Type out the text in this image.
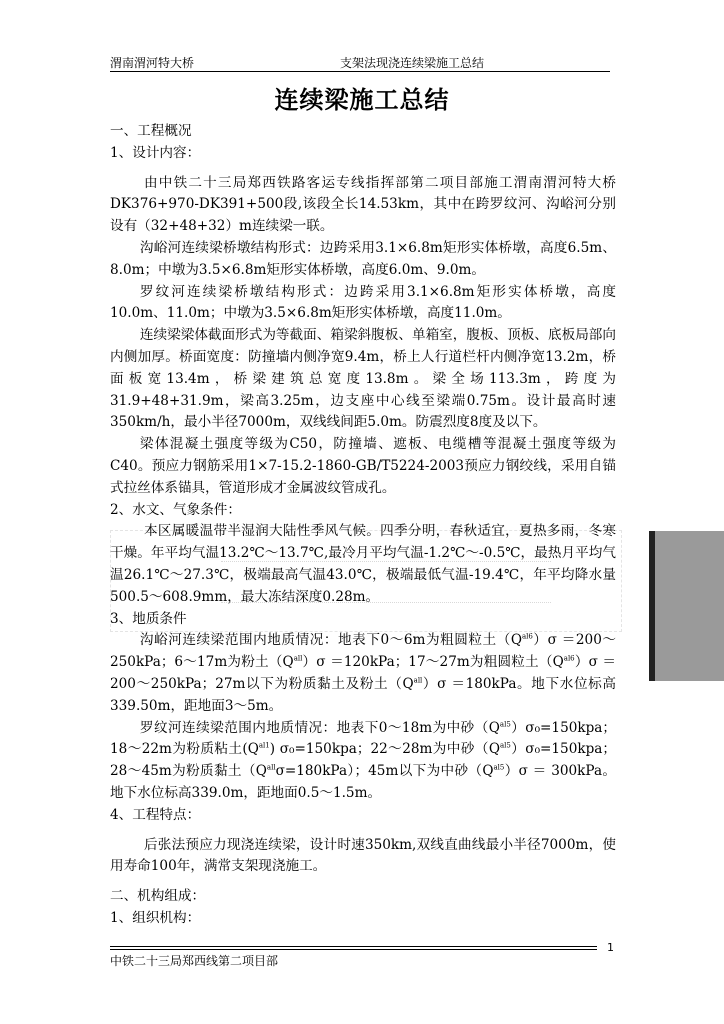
渭南渭河特大桥	支架法现浇连续梁施工总结
连续梁施工总结

一、工程概况

1、设计内容：

由中铁二十三局郑西铁路客运专线指挥部第二项目部施工渭南渭河特大桥DK376+970-DK391+500段,该段全长14.53km，其中在跨罗纹河、沟峪河分别设有（32+48+32）m连续梁一联。

沟峪河连续梁桥墩结构形式：边跨采用3.1×6.8m矩形实体桥墩，高度6.5m、8.0m；中墩为3.5×6.8m矩形实体桥墩，高度6.0m、9.0m。

罗纹河连续梁桥墩结构形式：边跨采用3.1×6.8m矩形实体桥墩，高度10.0m、11.0m；中墩为3.5×6.8m矩形实体桥墩，高度11.0m。

连续梁梁体截面形式为等截面、箱梁斜腹板、单箱室，腹板、顶板、底板局部向内侧加厚。桥面宽度：防撞墙内侧净宽9.4m，桥上人行道栏杆内侧净宽13.2m，桥面板宽13.4m，桥梁建筑总宽度13.8m。梁全场113.3m，跨度为31.9+48+31.9m，梁高3.25m，边支座中心线至梁端0.75m。设计最高时速350km/h，最小半径7000m，双线线间距5.0m。防震烈度8度及以下。

梁体混凝土强度等级为C50，防撞墙、遮板、电缆槽等混凝土强度等级为C40。预应力钢筋采用1×7-15.2-1860-GB/T5224-2003预应力钢绞线，采用自锚式拉丝体系锚具，管道形成才金属波纹管成孔。

2、水文、气象条件：

本区属暖温带半湿润大陆性季风气候。四季分明，春秋适宜，夏热多雨，冬寒干燥。年平均气温13.2℃～13.7℃,最冷月平均气温-1.2℃～-0.5℃，最热月平均气温26.1℃～27.3℃，极端最高气温43.0℃，极端最低气温-19.4℃，年平均降水量500.5～608.9mm，最大冻结深度0.28m。

3、地质条件

沟峪河连续梁范围内地质情况：地表下0～6m为粗圆粒土$(Q^{al6})\sigma$ ＝200～250kPa；6～17m为粉土$(Q^{all})\sigma =120kPa$；17～27m为粗圆粒土$(Q^{al6})\sigma$ ＝200～250kPa；27m以下为粉质黏土及粉土$(Q^{all})\sigma =180kPa$。地下水位标高339.50m，距地面3～5m。

罗纹河连续梁范围内地质情况：地表下0～18m为中砂$(Q^{al5})\sigma_0=150kpa$；18～22m为粉质粘土$(Q^{al1})$ σ₀=150kpa；22～28m为中砂$(Q^{al5})\sigma_0=150kpa$；28～45m为粉质黏土$(Q^{all}\sigma=180kPa)$；45m以下为中砂$(Q^{al5})\sigma = 300kPa$。地下水位标高339.0m，距地面0.5～1.5m。

4、工程特点：

后张法预应力现浇连续梁，设计时速350km,双线直曲线最小半径7000m，使用寿命100年，满常支架现浇施工。

二、机构组成：

1、组织机构：

中铁二十三局郑西线第二项目部
1
